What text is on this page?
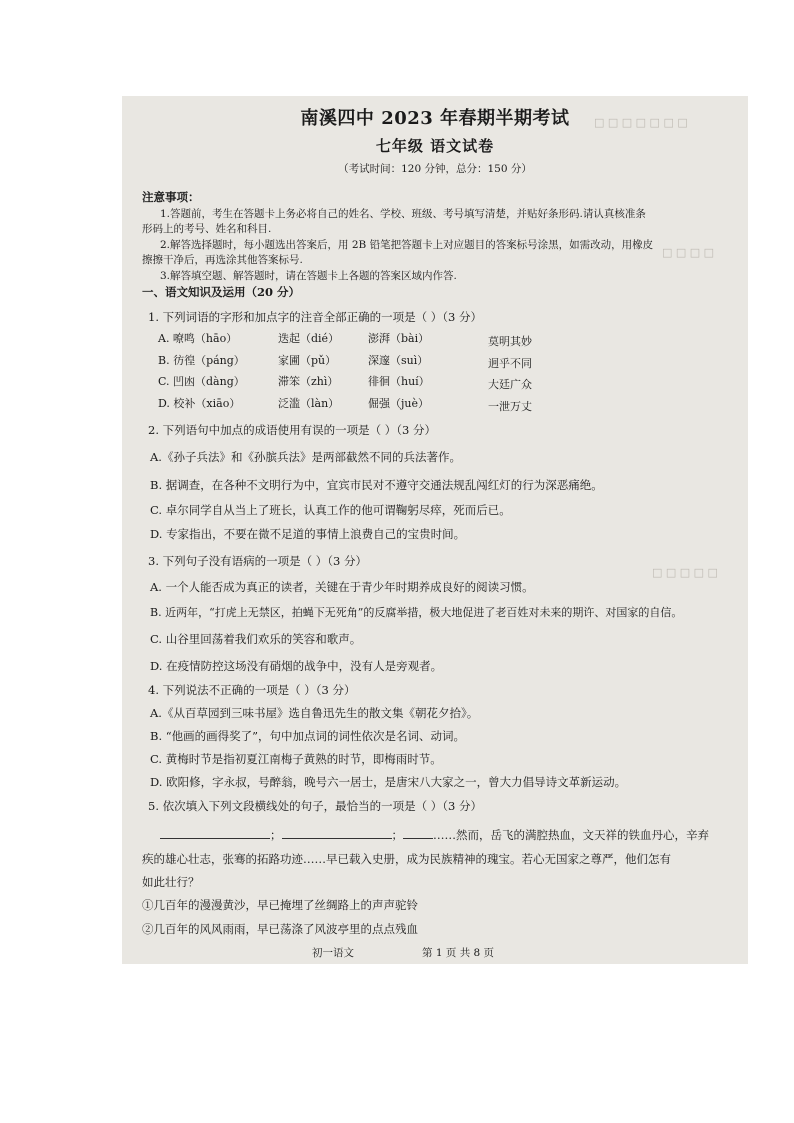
□ □ □ □ □ □ □
□ □ □ □
□ □ □ □ □
南溪四中 2023 年春期半期考试
七年级 语文试卷
（考试时间：120 分钟，总分：150 分）
注意事项：
1.答题前，考生在答题卡上务必将自己的姓名、学校、班级、考号填写清楚，并贴好条形码.请认真核准条
形码上的考号、姓名和科目.
2.解答选择题时，每小题选出答案后，用 2B 铅笔把答题卡上对应题目的答案标号涂黑，如需改动，用橡皮
擦擦干净后，再选涂其他答案标号.
3.解答填空题、解答题时，请在答题卡上各题的答案区域内作答.
一、语文知识及运用（20 分）
1. 下列词语的字形和加点字的注音全部正确的一项是（ ）（3 分）
A. 嘹鸣（hāo）	迭起（dié）	澎湃（bài）	莫明其妙
B. 彷徨（páng）	家圃（pǔ）	深邃（suì）	迥乎不同
C. 凹凼（dàng）	滞笨（zhì）	徘徊（huí）	大廷广众
D. 校补（xiāo）	泛滥（làn）	倔强（juè）	一泄万丈
2. 下列语句中加点的成语使用有误的一项是（ ）（3 分）
A.《孙子兵法》和《孙膑兵法》是两部截然不同的兵法著作。
B. 据调查，在各种不文明行为中，宜宾市民对不遵守交通法规乱闯红灯的行为深恶痛绝。
C. 卓尔同学自从当上了班长，认真工作的他可谓鞠躬尽瘁，死而后已。
D. 专家指出，不要在微不足道的事情上浪费自己的宝贵时间。
3. 下列句子没有语病的一项是（ ）（3 分）
A. 一个人能否成为真正的读者，关键在于青少年时期养成良好的阅读习惯。
B. 近两年，“打虎上无禁区，拍蝇下无死角”的反腐举措，极大地促进了老百姓对未来的期许、对国家的自信。
C. 山谷里回荡着我们欢乐的笑容和歌声。
D. 在疫情防控这场没有硝烟的战争中，没有人是旁观者。
4. 下列说法不正确的一项是（ ）（3 分）
A.《从百草园到三味书屋》选自鲁迅先生的散文集《朝花夕拾》。
B. “他画的画得奖了”，句中加点词的词性依次是名词、动词。
C. 黄梅时节是指初夏江南梅子黄熟的时节，即梅雨时节。
D. 欧阳修，字永叔，号醉翁，晚号六一居士，是唐宋八大家之一，曾大力倡导诗文革新运动。
5. 依次填入下列文段横线处的句子，最恰当的一项是（ ）（3 分）
；	；	……然而，岳飞的满腔热血，文天祥的铁血丹心，辛弃
疾的雄心壮志，张骞的拓路功迹……早已载入史册，成为民族精神的瑰宝。若心无国家之尊严，他们怎有
如此壮行？
①几百年的漫漫黄沙，早已掩埋了丝绸路上的声声驼铃
②几百年的风风雨雨，早已荡涤了风波亭里的点点残血
初一语文	第 1 页 共 8 页
